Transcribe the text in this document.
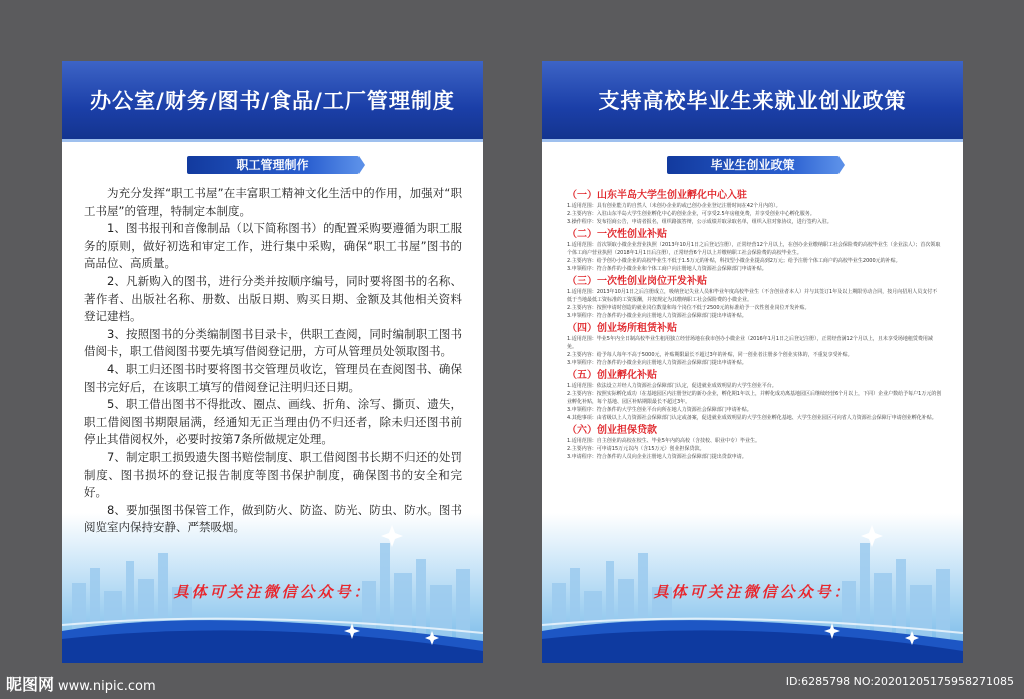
办公室/财务/图书/食品/工厂管理制度
职工管理制作

为充分发挥“职工书屋”在丰富职工精神文化生活中的作用，加强对“职工书屋”的管理，特制定本制度。

1、图书报刊和音像制品（以下简称图书）的配置采购要遵循为职工服务的原则，做好初选和审定工作，进行集中采购，确保“职工书屋”图书的高品位、高质量。

2、凡新购入的图书，进行分类并按顺序编号，同时要将图书的名称、著作者、出版社名称、册数、出版日期、购买日期、金额及其他相关资料登记建档。

3、按照图书的分类编制图书目录卡，供职工查阅，同时编制职工图书借阅卡，职工借阅图书要先填写借阅登记册，方可从管理员处领取图书。

4、职工归还图书时要将图书交管理员收讫，管理员在查阅图书、确保图书完好后，在该职工填写的借阅登记注明归还日期。

5、职工借出图书不得批改、圈点、画线、折角、涂写、撕页、遗失，职工借阅图书期限届满，经通知无正当理由仍不归还者，除未归还图书前停止其借阅权外，必要时按第7条所做规定处理。

7、制定职工损毁遗失图书赔偿制度、职工借阅图书长期不归还的处罚制度、图书损坏的登记报告制度等图书保护制度，确保图书的安全和完好。

8、要加强图书保管工作，做到防火、防盗、防光、防虫、防水。图书阅览室内保持安静、严禁吸烟。

具体可关注微信公众号：
支持高校毕业生来就业创业政策
毕业生创业政策
（一）山东半岛大学生创业孵化中心入驻
1.适用范围：具有创业能力的自然人（未创办企业的或已创办企业登记注册时间在42个月内的）。
2.主要内容：入驻山东半岛大学生创业孵化中心的创业企业，可享受2.5年房租免费，并享受创业中心孵化服务。
3.操作程序：发布招商公告，申请者报名，组织路演答辩，公示成绩并取录取名单，组织入驻对象协议，进行签约入驻。
（二）一次性创业补贴
1.适用范围：首次领取小微企业营业执照（2013年10月1日之后登记注册），正常经营12个月以上，在创办企业缴纳职工社会保险费的高校毕业生（企业法人）；首次领取个体工商户营业执照（2018年1月1日后注册），正常经营6个月以上并缴纳职工社会保险费的高校毕业生。
2.主要内容：给予创办小微企业的高校毕业生不低于1.5万元的补贴，科技型小微企业提高到2万元；给予注册个体工商户的高校毕业生2000元的补贴。
3.申领程序：符合条件的小微企业和个体工商户向注册地人力资源社会保障部门申请补贴。
（三）一次性创业岗位开发补贴
1.适用范围：2013年10月1日之后注册成立，吸纳登记失业人员和毕业年度高校毕业生（不含创业者本人）并与其签订1年及以上期限劳动合同，按月向招用人员支付不低于当地最低工资标准的工资报酬，并按规定为其缴纳职工社会保险费的小微企业。
2.主要内容：按照申请时创造的就业岗位数量和每个岗位不低于2500元的标准给予一次性创业岗位开发补贴。
3.申领程序：符合条件的小微企业向注册地人力资源社会保障部门提出申请补贴。
（四）创业场所租赁补贴
1.适用范围：毕业5年内全日制高校毕业生租用独立经营场地在我市创办小微企业（2016年1月1日之后登记注册），正常经营满12个月以上，且未享受场地租赁费用减免。
2.主要内容：给予每人每年不高于5000元，补贴期限最长不超过3年的补贴，同一创业者注册多个创业实体的，不重复享受补贴。
3.申领程序：符合条件的小微企业向注册地人力资源社会保障部门提出申请补贴。
（五）创业孵化补贴
1.适用范围：依法设立并经人力资源社会保障部门认定，促进就业成效明显的大学生创业平台。
2.主要内容：按照实际孵化成功（在基地园区内注册登记的新办企业，孵化期1年以上，并孵化成功离基地园区后继续经营6个月以上，下同）企业户数给予每户1万元的创业孵化补贴，每个基地、园区补贴期限最长不超过3年。
3.申领程序：符合条件的大学生创业平台向所在地人力资源社会保障部门申请补贴。
4.其他事项：由省级以上人力资源社会保障部门认定或备案，促进就业成效明显的大学生创业孵化基地、大学生创业园区可向省人力资源社会保障厅申请创业孵化补贴。
（六）创业担保贷款
1.适用范围：自主创业的高校在校生、毕业5年内的高校（含技校、职业中专）毕业生。
2.主要内容：可申请15万元以内（含15万元）创业担保贷款。
3.申请程序：符合条件的人员向企业注册地人力资源社会保障部门提出贷款申请。
具体可关注微信公众号：
昵图网 www.nipic.com	ID:6285798 NO:20201205175958271085
